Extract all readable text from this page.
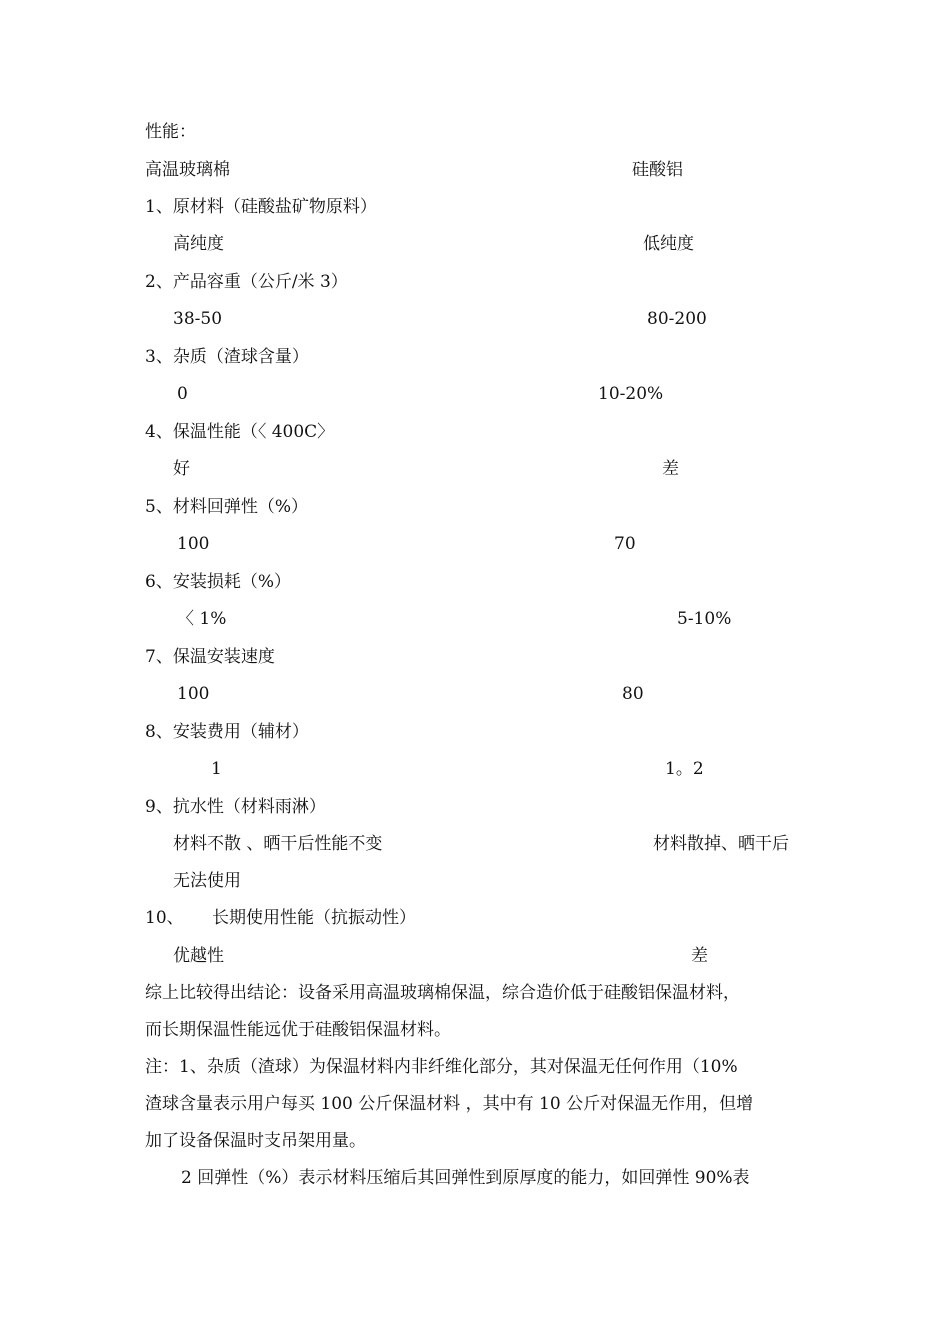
性能：
高温玻璃棉	硅酸铝
1、原材料（硅酸盐矿物原料）
高纯度	低纯度
2、产品容重（公斤/米 3）
38-50	80-200
3、杂质（渣球含量）
0	10-20%
4、保温性能（〈 400C〉
好	差
5、材料回弹性（%）
100	70
6、安装损耗（%）
〈 1%	5-10%
7、保温安装速度
100	80
8、安装费用（辅材）
1	1。2
9、抗水性（材料雨淋）
材料不散 、晒干后性能不变	材料散掉、晒干后
无法使用
10、 长期使用性能（抗振动性）
优越性	差
综上比较得出结论：设备采用高温玻璃棉保温，综合造价低于硅酸铝保温材料，
而长期保温性能远优于硅酸铝保温材料。
注：1、杂质（渣球）为保温材料内非纤维化部分，其对保温无任何作用（10%
渣球含量表示用户每买 100 公斤保温材料 ，其中有 10 公斤对保温无作用，但增
加了设备保温时支吊架用量。
2 回弹性（%）表示材料压缩后其回弹性到原厚度的能力，如回弹性 90%表
